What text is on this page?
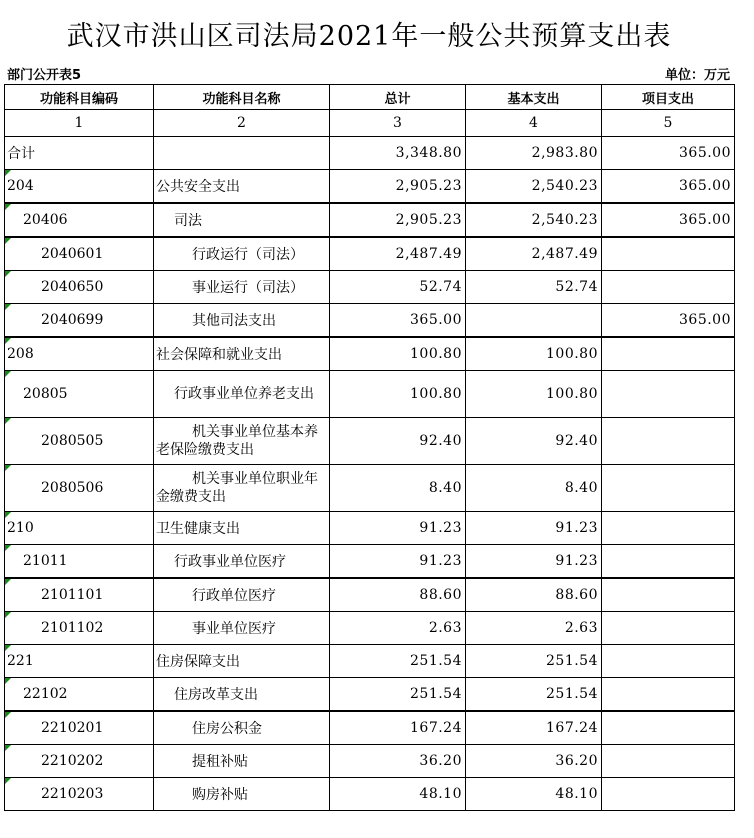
武汉市洪山区司法局2021年一般公共预算支出表
部门公开表5	单位：万元
功能科目编码	功能科目名称	总计	基本支出	项目支出
1	2	3	4	5
合计		3,348.80	2,983.80	365.00

204	公共安全支出	2,905.23	2,540.23	365.00

20406	司法	2,905.23	2,540.23	365.00

2040601	行政运行（司法）	2,487.49	2,487.49	

2040650	事业运行（司法）	52.74	52.74	

2040699	其他司法支出	365.00		365.00

208	社会保障和就业支出	100.80	100.80	

20805	行政事业单位养老支出	100.80	100.80	

2080505	机关事业单位基本养老保险缴费支出	92.40	92.40	

2080506	机关事业单位职业年金缴费支出	8.40	8.40	

210	卫生健康支出	91.23	91.23	

21011	行政事业单位医疗	91.23	91.23	

2101101	行政单位医疗	88.60	88.60	

2101102	事业单位医疗	2.63	2.63	

221	住房保障支出	251.54	251.54	

22102	住房改革支出	251.54	251.54	

2210201	住房公积金	167.24	167.24	

2210202	提租补贴	36.20	36.20	

2210203	购房补贴	48.10	48.10	
